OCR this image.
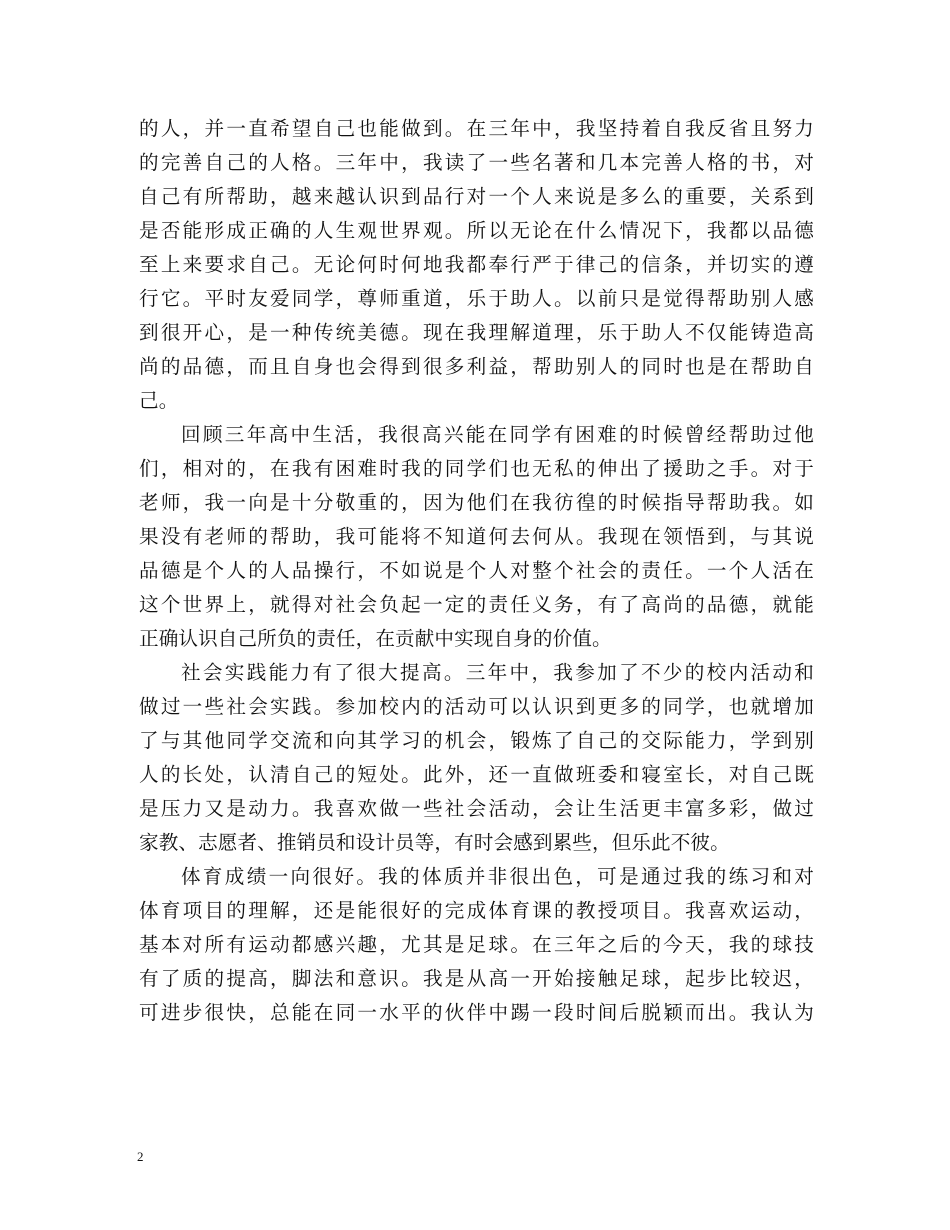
的人，并一直希望自己也能做到。在三年中，我坚持着自我反省且努力
的完善自己的人格。三年中，我读了一些名著和几本完善人格的书，对
自己有所帮助，越来越认识到品行对一个人来说是多么的重要，关系到
是否能形成正确的人生观世界观。所以无论在什么情况下，我都以品德
至上来要求自己。无论何时何地我都奉行严于律己的信条，并切实的遵
行它。平时友爱同学，尊师重道，乐于助人。以前只是觉得帮助别人感
到很开心，是一种传统美德。现在我理解道理，乐于助人不仅能铸造高
尚的品德，而且自身也会得到很多利益，帮助别人的同时也是在帮助自
己。
回顾三年高中生活，我很高兴能在同学有困难的时候曾经帮助过他
们，相对的，在我有困难时我的同学们也无私的伸出了援助之手。对于
老师，我一向是十分敬重的，因为他们在我彷徨的时候指导帮助我。如
果没有老师的帮助，我可能将不知道何去何从。我现在领悟到，与其说
品德是个人的人品操行，不如说是个人对整个社会的责任。一个人活在
这个世界上，就得对社会负起一定的责任义务，有了高尚的品德，就能
正确认识自己所负的责任，在贡献中实现自身的价值。
社会实践能力有了很大提高。三年中，我参加了不少的校内活动和
做过一些社会实践。参加校内的活动可以认识到更多的同学，也就增加
了与其他同学交流和向其学习的机会，锻炼了自己的交际能力，学到别
人的长处，认清自己的短处。此外，还一直做班委和寝室长，对自己既
是压力又是动力。我喜欢做一些社会活动，会让生活更丰富多彩，做过
家教、志愿者、推销员和设计员等，有时会感到累些，但乐此不彼。
体育成绩一向很好。我的体质并非很出色，可是通过我的练习和对
体育项目的理解，还是能很好的完成体育课的教授项目。我喜欢运动，
基本对所有运动都感兴趣，尤其是足球。在三年之后的今天，我的球技
有了质的提高，脚法和意识。我是从高一开始接触足球，起步比较迟，
可进步很快，总能在同一水平的伙伴中踢一段时间后脱颖而出。我认为
2
